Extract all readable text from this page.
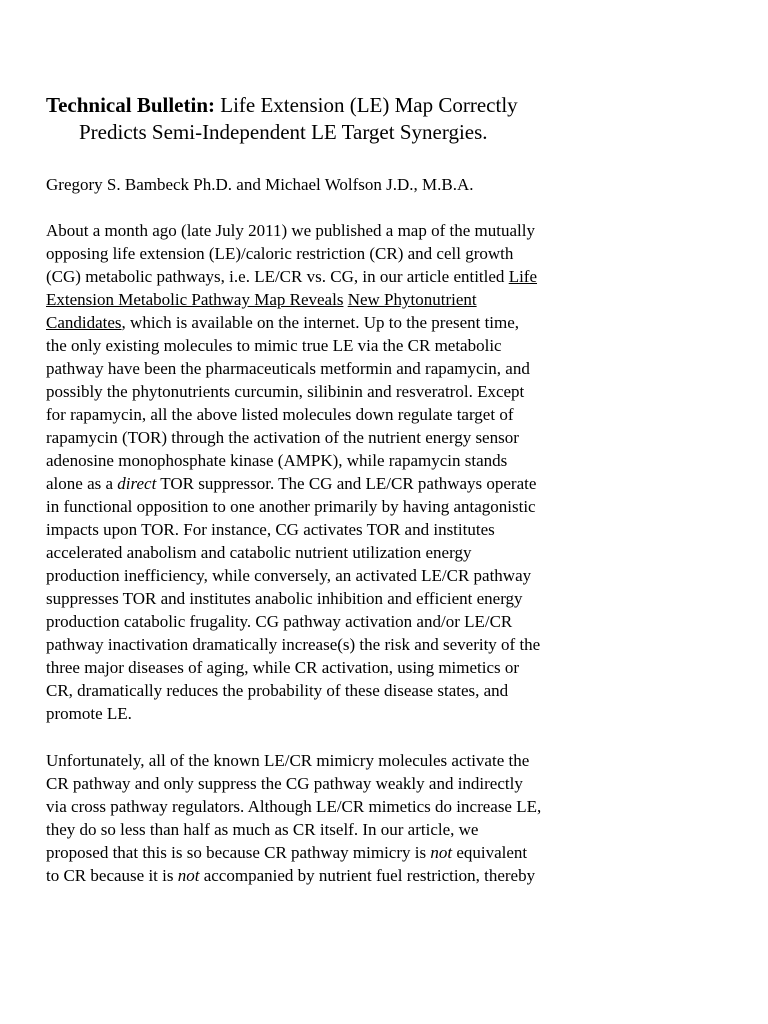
Technical Bulletin: Life Extension (LE) Map Correctly
Predicts Semi-Independent LE Target Synergies.
Gregory S. Bambeck Ph.D. and Michael Wolfson J.D., M.B.A.
About a month ago (late July 2011) we published a map of the mutually
opposing life extension (LE)/caloric restriction (CR) and cell growth
(CG) metabolic pathways, i.e. LE/CR vs. CG, in our article entitled Life
Extension Metabolic Pathway Map Reveals New Phytonutrient
Candidates, which is available on the internet. Up to the present time,
the only existing molecules to mimic true LE via the CR metabolic
pathway have been the pharmaceuticals metformin and rapamycin, and
possibly the phytonutrients curcumin, silibinin and resveratrol. Except
for rapamycin, all the above listed molecules down regulate target of
rapamycin (TOR) through the activation of the nutrient energy sensor
adenosine monophosphate kinase (AMPK), while rapamycin stands
alone as a direct TOR suppressor. The CG and LE/CR pathways operate
in functional opposition to one another primarily by having antagonistic
impacts upon TOR. For instance, CG activates TOR and institutes
accelerated anabolism and catabolic nutrient utilization energy
production inefficiency, while conversely, an activated LE/CR pathway
suppresses TOR and institutes anabolic inhibition and efficient energy
production catabolic frugality. CG pathway activation and/or LE/CR
pathway inactivation dramatically increase(s) the risk and severity of the
three major diseases of aging, while CR activation, using mimetics or
CR, dramatically reduces the probability of these disease states, and
promote LE.
Unfortunately, all of the known LE/CR mimicry molecules activate the
CR pathway and only suppress the CG pathway weakly and indirectly
via cross pathway regulators. Although LE/CR mimetics do increase LE,
they do so less than half as much as CR itself. In our article, we
proposed that this is so because CR pathway mimicry is not equivalent
to CR because it is not accompanied by nutrient fuel restriction, thereby
